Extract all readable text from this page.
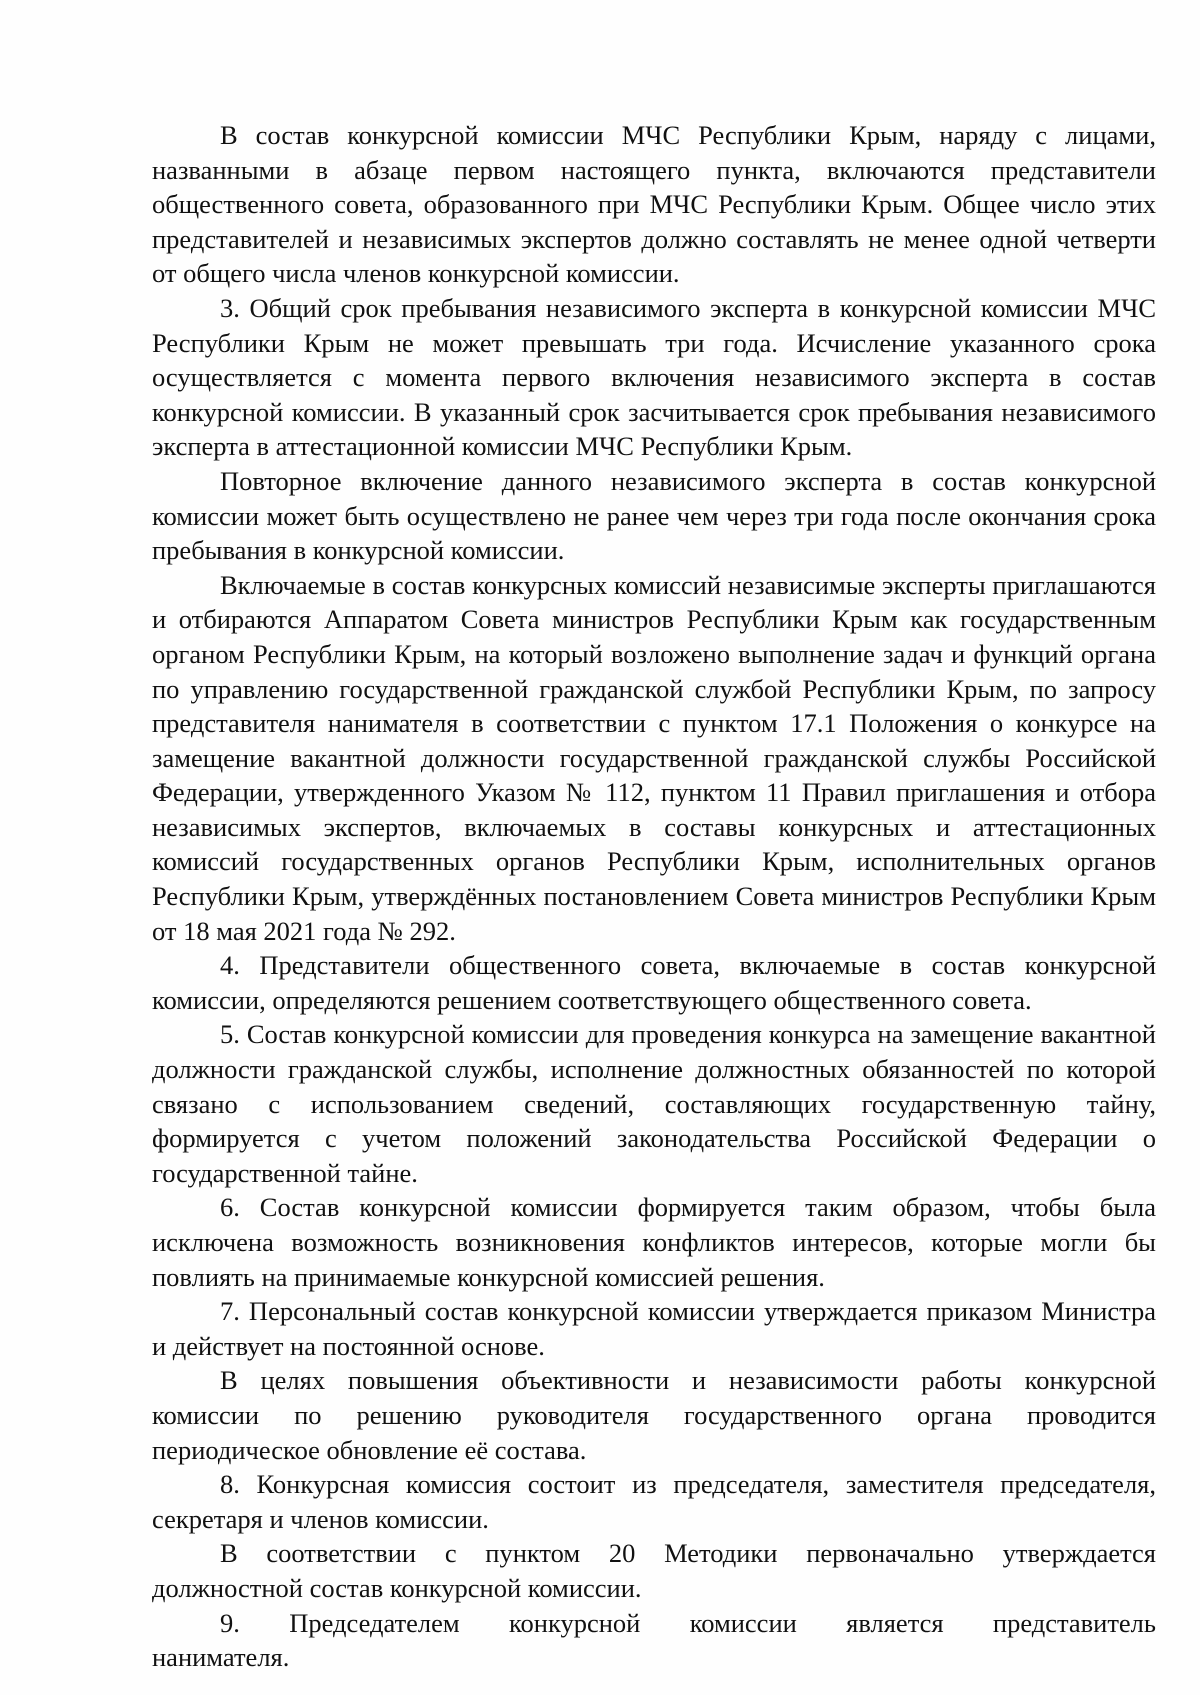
В состав конкурсной комиссии МЧС Республики Крым, наряду с лицами, названными в абзаце первом настоящего пункта, включаются представители общественного совета, образованного при МЧС Республики Крым. Общее число этих представителей и независимых экспертов должно составлять не менее одной четверти от общего числа членов конкурсной комиссии.

3. Общий срок пребывания независимого эксперта в конкурсной комиссии МЧС Республики Крым не может превышать три года. Исчисление указанного срока осуществляется с момента первого включения независимого эксперта в состав конкурсной комиссии. В указанный срок засчитывается срок пребывания независимого эксперта в аттестационной комиссии МЧС Республики Крым.

Повторное включение данного независимого эксперта в состав конкурсной комиссии может быть осуществлено не ранее чем через три года после окончания срока пребывания в конкурсной комиссии.

Включаемые в состав конкурсных комиссий независимые эксперты приглашаются и отбираются Аппаратом Совета министров Республики Крым как государственным органом Республики Крым, на который возложено выполнение задач и функций органа по управлению государственной гражданской службой Республики Крым, по запросу представителя нанимателя в соответствии с пунктом 17.1 Положения о конкурсе на замещение вакантной должности государственной гражданской службы Российской Федерации, утвержденного Указом № 112, пунктом 11 Правил приглашения и отбора независимых экспертов, включаемых в составы конкурсных и аттестационных комиссий государственных органов Республики Крым, исполнительных органов Республики Крым, утверждённых постановлением Совета министров Республики Крым от 18 мая 2021 года № 292.

4. Представители общественного совета, включаемые в состав конкурсной комиссии, определяются решением соответствующего общественного совета.

5. Состав конкурсной комиссии для проведения конкурса на замещение вакантной должности гражданской службы, исполнение должностных обязанностей по которой связано с использованием сведений, составляющих государственную тайну, формируется с учетом положений законодательства Российской Федерации о государственной тайне.

6. Состав конкурсной комиссии формируется таким образом, чтобы была исключена возможность возникновения конфликтов интересов, которые могли бы повлиять на принимаемые конкурсной комиссией решения.

7. Персональный состав конкурсной комиссии утверждается приказом Министра и действует на постоянной основе.

В целях повышения объективности и независимости работы конкурсной комиссии по решению руководителя государственного органа проводится периодическое обновление её состава.

8. Конкурсная комиссия состоит из председателя, заместителя председателя, секретаря и членов комиссии.

В соответствии с пунктом 20 Методики первоначально утверждается должностной состав конкурсной комиссии.

9. Председателем конкурсной комиссии является представитель
нанимателя.
